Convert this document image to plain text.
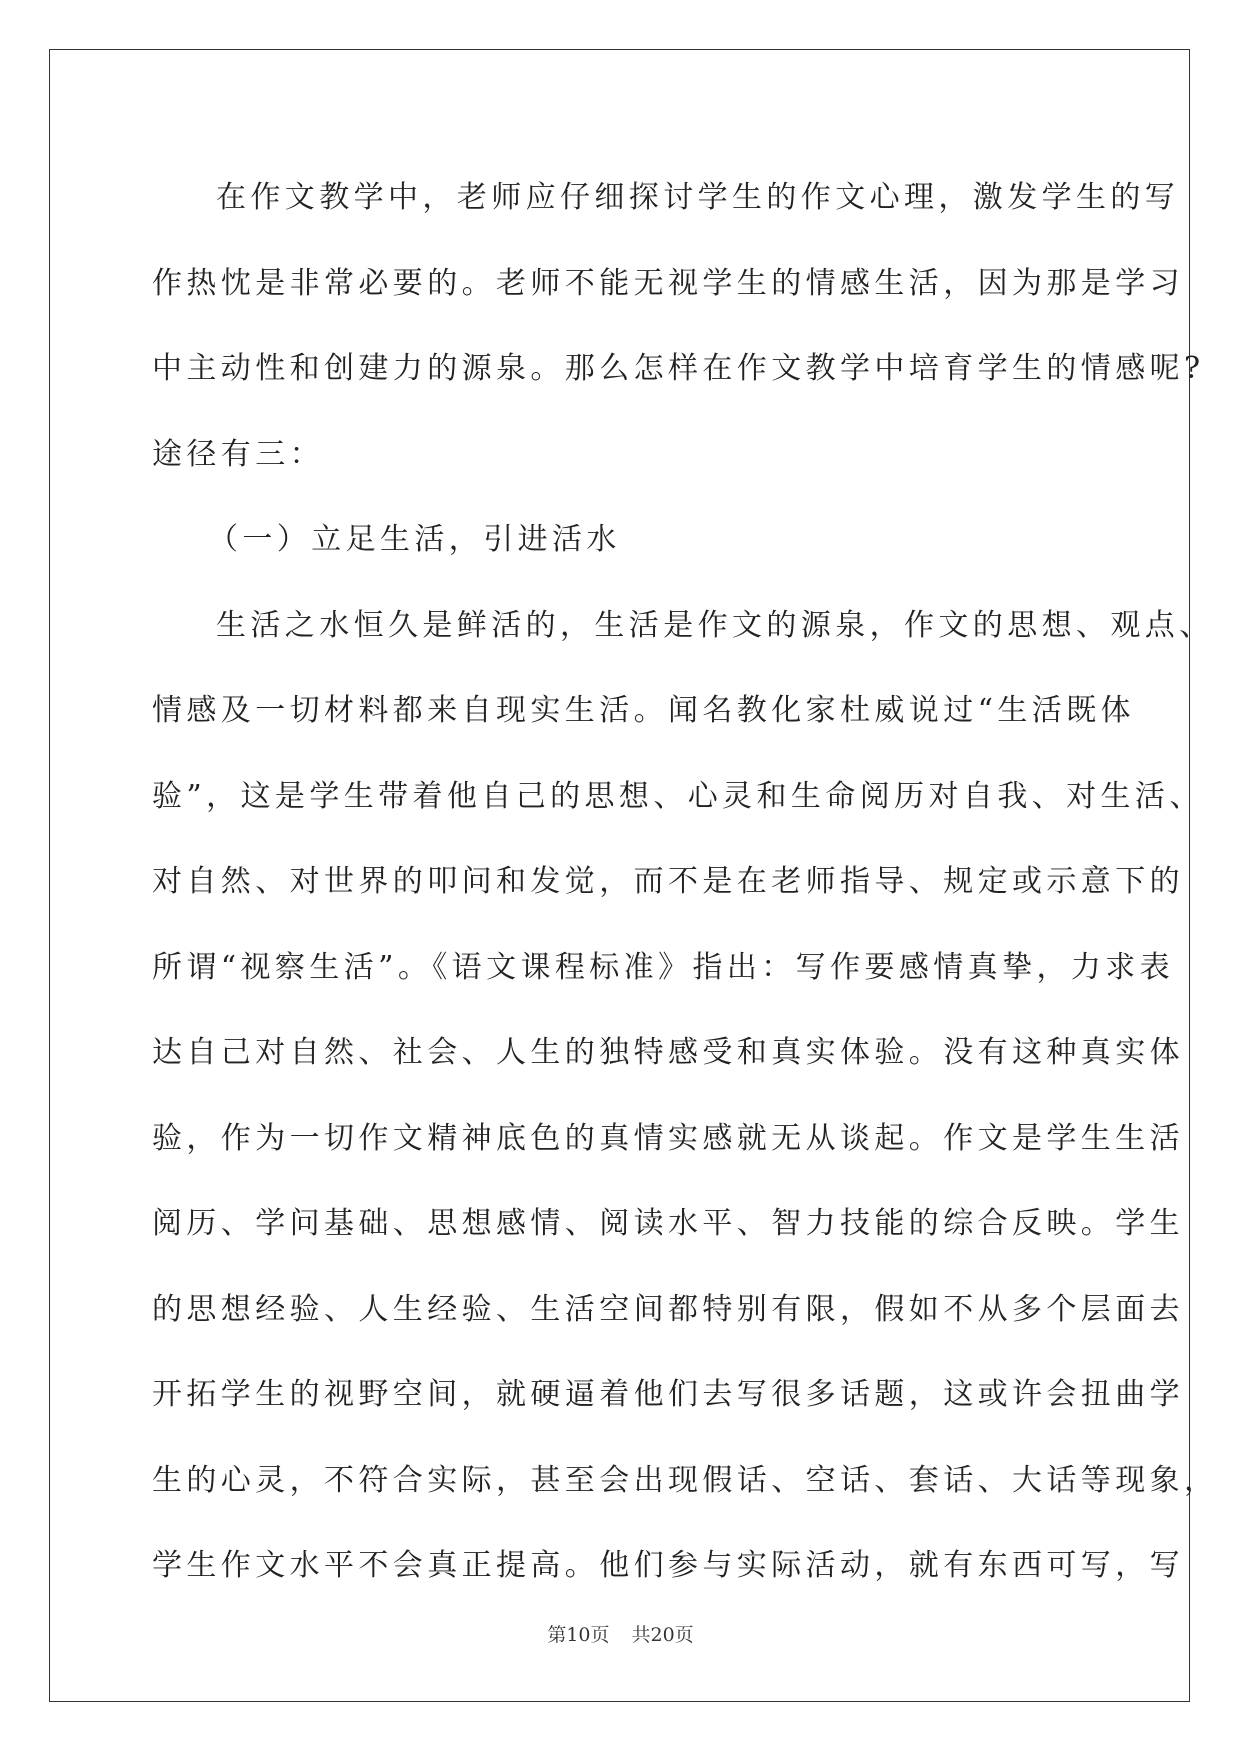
在作文教学中，老师应仔细探讨学生的作文心理，激发学生的写
作热忱是非常必要的。老师不能无视学生的情感生活，因为那是学习
中主动性和创建力的源泉。那么怎样在作文教学中培育学生的情感呢?
途径有三：
（一）立足生活，引进活水
生活之水恒久是鲜活的，生活是作文的源泉，作文的思想、观点、
情感及一切材料都来自现实生活。闻名教化家杜威说过“生活既体
验”，这是学生带着他自己的思想、心灵和生命阅历对自我、对生活、
对自然、对世界的叩问和发觉，而不是在老师指导、规定或示意下的
所谓“视察生活”。《语文课程标准》指出：写作要感情真挚，力求表
达自己对自然、社会、人生的独特感受和真实体验。没有这种真实体
验，作为一切作文精神底色的真情实感就无从谈起。作文是学生生活
阅历、学问基础、思想感情、阅读水平、智力技能的综合反映。学生
的思想经验、人生经验、生活空间都特别有限，假如不从多个层面去
开拓学生的视野空间，就硬逼着他们去写很多话题，这或许会扭曲学
生的心灵，不符合实际，甚至会出现假话、空话、套话、大话等现象，
学生作文水平不会真正提高。他们参与实际活动，就有东西可写，写
第10页 共20页
